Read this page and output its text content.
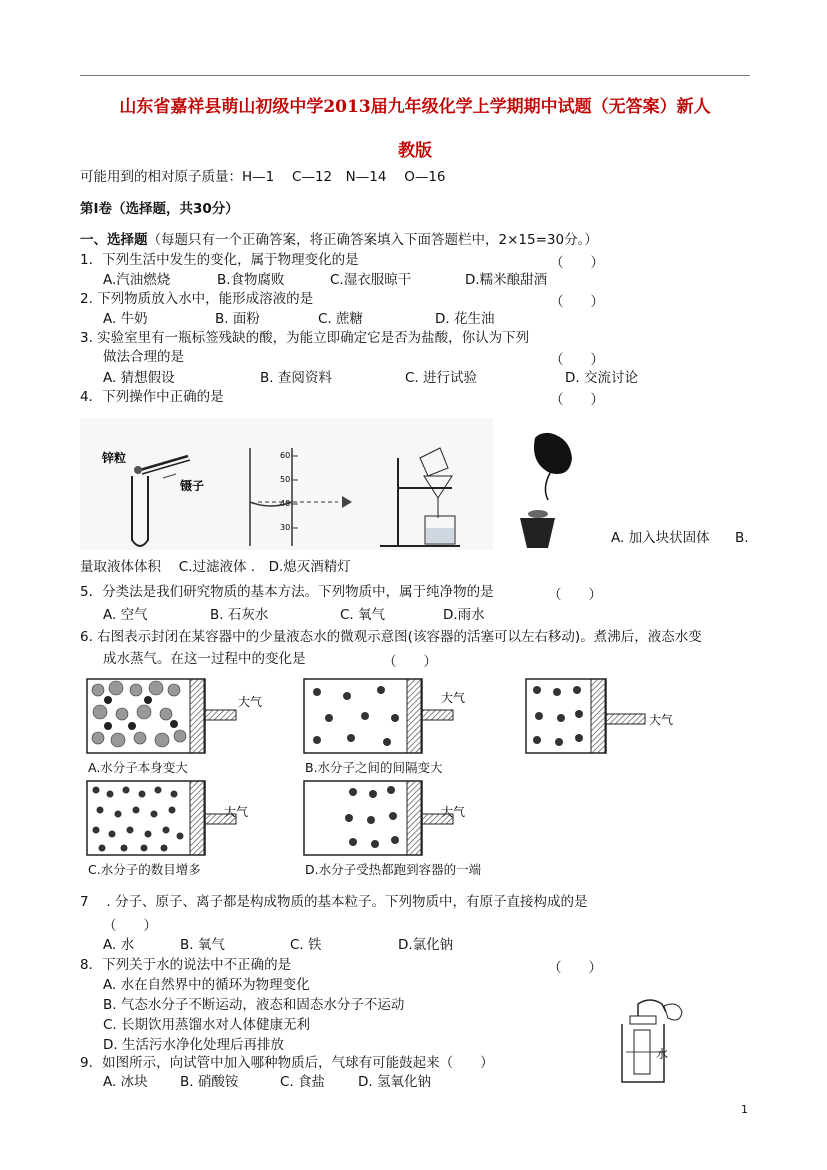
山东省嘉祥县萌山初级中学2013届九年级化学上学期期中试题（无答案）新人
教版
可能用到的相对原子质量：H—1　 C—12　N—14　 O—16
第Ⅰ卷（选择题，共30分）
一、选择题（每题只有一个正确答案，将正确答案填入下面答题栏中，2×15=30分。）
1．下列生活中发生的变化，属于物理变化的是	（　　）
A.汽油燃烧	B.食物腐败	C.湿衣服晾干	D.糯米酿甜酒
2. 下列物质放入水中，能形成溶液的是	（　　）
A. 牛奶	B. 面粉	C. 蔗糖	D. 花生油
3. 实验室里有一瓶标签残缺的酸，为能立即确定它是否为盐酸，你认为下列
做法合理的是	（　　）
A. 猜想假设	B. 查阅资料	C. 进行试验	D. 交流讨论
4．下列操作中正确的是	（　　）
锌粒
镊子
60
50
40
30
A. 加入块状固体 B.
量取液体体积　 C.过滤液体 .　D.熄灭酒精灯
5．分类法是我们研究物质的基本方法。下列物质中，属于纯净物的是	（　　）
A. 空气	B. 石灰水	C. 氧气	D.雨水
6. 右图表示封闭在某容器中的少量液态水的微观示意图(该容器的活塞可以左右移动)。煮沸后，液态水变
成水蒸气。在这一过程中的变化是	（　　）
大气
A.水分子本身变大
大气
B.水分子之间的间隔变大
大气
大气
C.水分子的数目增多
大气
D.水分子受热都跑到容器的一端
7　 . 分子、原子、离子都是构成物质的基本粒子。下列物质中，有原子直接构成的是
（　　）
A. 水	B. 氧气	C. 铁	D.氯化钠
8．下列关于水的说法中不正确的是	（　　）
A. 水在自然界中的循环为物理变化
B. 气态水分子不断运动，液态和固态水分子不运动
C. 长期饮用蒸馏水对人体健康无利
D. 生活污水净化处理后再排放
9．如图所示，向试管中加入哪种物质后，气球有可能鼓起来（　　）
A. 冰块 B. 硝酸铵	C. 食盐 D. 氢氧化钠
水
1
